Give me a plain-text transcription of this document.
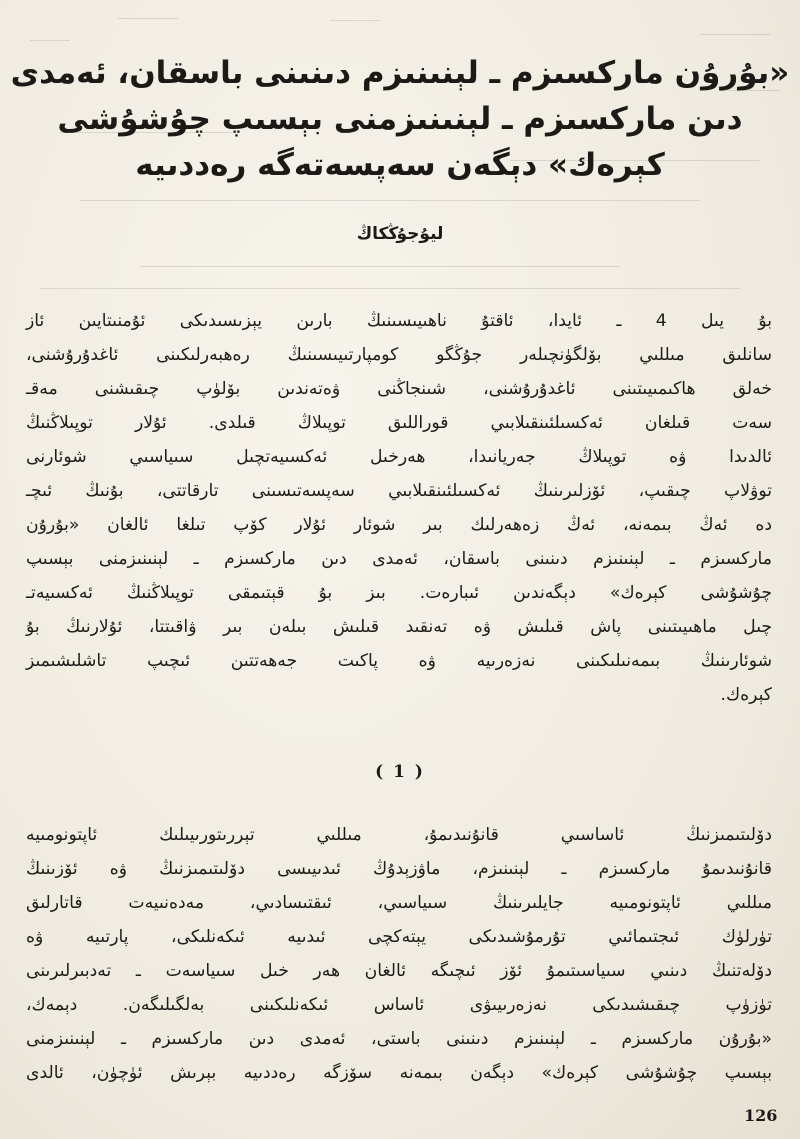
«بۇرۇن ماركسىزم ـ لېنىنىزم دىنىنى باسقان، ئەمدى
دىن ماركسىزم ـ لېنىنىزمنى بېسىپ چۇشۇشى
كېرەك» دېگەن سەپسەتەگە رەددىيە
ليۇجۇڭكاڭ
بۇ يىل 4 ـ ئايدا، ئاقتۇ ناھىيىسىنىڭ بارىن يېزىسىدىكى ئۇمنىتايىن ئاز
سانلىق مىللىي بۆلگۈنچىلەر جۇڭگو كومپارتىيىسىنىڭ رەھبەرلىكىنى ئاغدۇرۇشنى،
خەلق ھاكىمىيىتىنى ئاغدۇرۇشنى، شىنجاڭنى ۋەتەندىن بۆلۈپ چىقىشنى مەقـ
سەت قىلغان ئەكسىلئىنقىلابىي قوراللىق توپىلاڭ قىلدى. ئۇلار توپىلاڭنىڭ
ئالدىدا ۋە توپىلاڭ جەريانىدا، ھەرخىل ئەكسىيەتچىل سىياسىي شوئارنى
توۋلاپ چىقىپ، ئۆزلىرىنىڭ ئەكسىلئىنقىلابىي سەپسەتىسىنى تارقاتتى، بۇنىڭ ئىچـ
دە ئەڭ بىمەنە، ئەڭ زەھەرلىك بىر شوئار ئۇلار كۆپ تىلغا ئالغان «بۇرۇن
ماركسىزم ـ لېنىنىزم دىنىنى باسقان، ئەمدى دىن ماركسىزم ـ لېنىنىزمنى بېسىپ
چۇشۇشى كېرەك» دېگەندىن ئىبارەت. بىز بۇ قېتىمقى توپىلاڭنىڭ ئەكسىيەتـ
چىل ماھىيىتىنى پاش قىلىش ۋە تەنقىد قىلىش بىلەن بىر ۋاقىتتا، ئۇلارنىڭ بۇ
شوئارىنىڭ بىمەنىلىكىنى نەزەرىيە ۋە پاكىت جەھەتتىن ئىچىپ تاشلىشىمىز
كېرەك.
( 1 )
دۆلىتىمىزنىڭ ئاساسىي قانۇنىدىمۇ، مىللىي تېررىتورىيىلىك ئاپتونومىيە
قانۇنىدىمۇ ماركسىزم ـ لېنىنىزم، ماۋزېدۇڭ ئىدىيىسى دۆلىتىمىزنىڭ ۋە ئۆزىنىڭ
مىللىي ئاپتونومىيە جايلىرىنىڭ سىياسىي، ئىقتىسادىي، مەدەنىيەت قاتارلىق
تۈرلۈك ئىجتىمائىي تۇرمۇشىدىكى يېتەكچى ئىدىيە ئىكەنلىكى، پارتىيە ۋە
دۆلەتنىڭ دىنىي سىياسىتىمۇ ئۆز ئىچىگە ئالغان ھەر خىل سىياسەت ـ تەدبىرلىرىنى
تۈزۈپ چىقىشىدىكى نەزەرىيىۋى ئاساس ئىكەنلىكىنى بەلگىلىگەن. دېمەك،
«بۇرۇن ماركسىزم ـ لېنىنىزم دىنىنى باستى، ئەمدى دىن ماركسىزم ـ لېنىنىزمنى
بېسىپ چۇشۇشى كېرەك» دېگەن بىمەنە سۆزگە رەددىيە بېرىش ئۈچۈن، ئالدى
126
